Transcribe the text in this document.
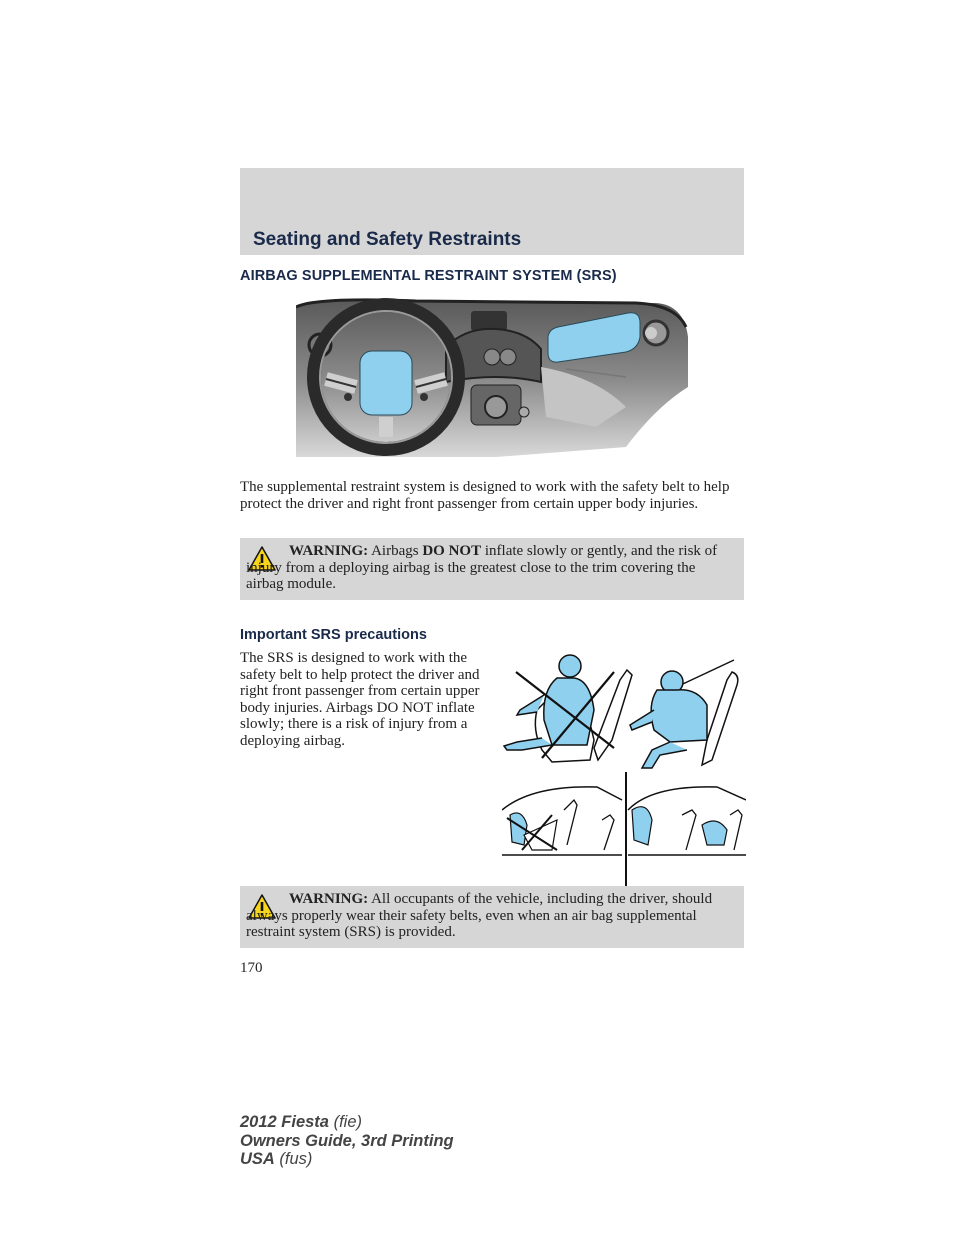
Seating and Safety Restraints
AIRBAG SUPPLEMENTAL RESTRAINT SYSTEM (SRS)

The supplemental restraint system is designed to work with the safety belt to help protect the driver and right front passenger from certain upper body injuries.

WARNING: Airbags DO NOT inflate slowly or gently, and the risk of injury from a deploying airbag is the greatest close to the trim covering the airbag module.

Important SRS precautions

The SRS is designed to work with the safety belt to help protect the driver and right front passenger from certain upper body injuries. Airbags DO NOT inflate slowly; there is a risk of injury from a deploying airbag.

WARNING: All occupants of the vehicle, including the driver, should always properly wear their safety belts, even when an air bag supplemental restraint system (SRS) is provided.

170
2012 Fiesta (fie)
Owners Guide, 3rd Printing
USA (fus)
